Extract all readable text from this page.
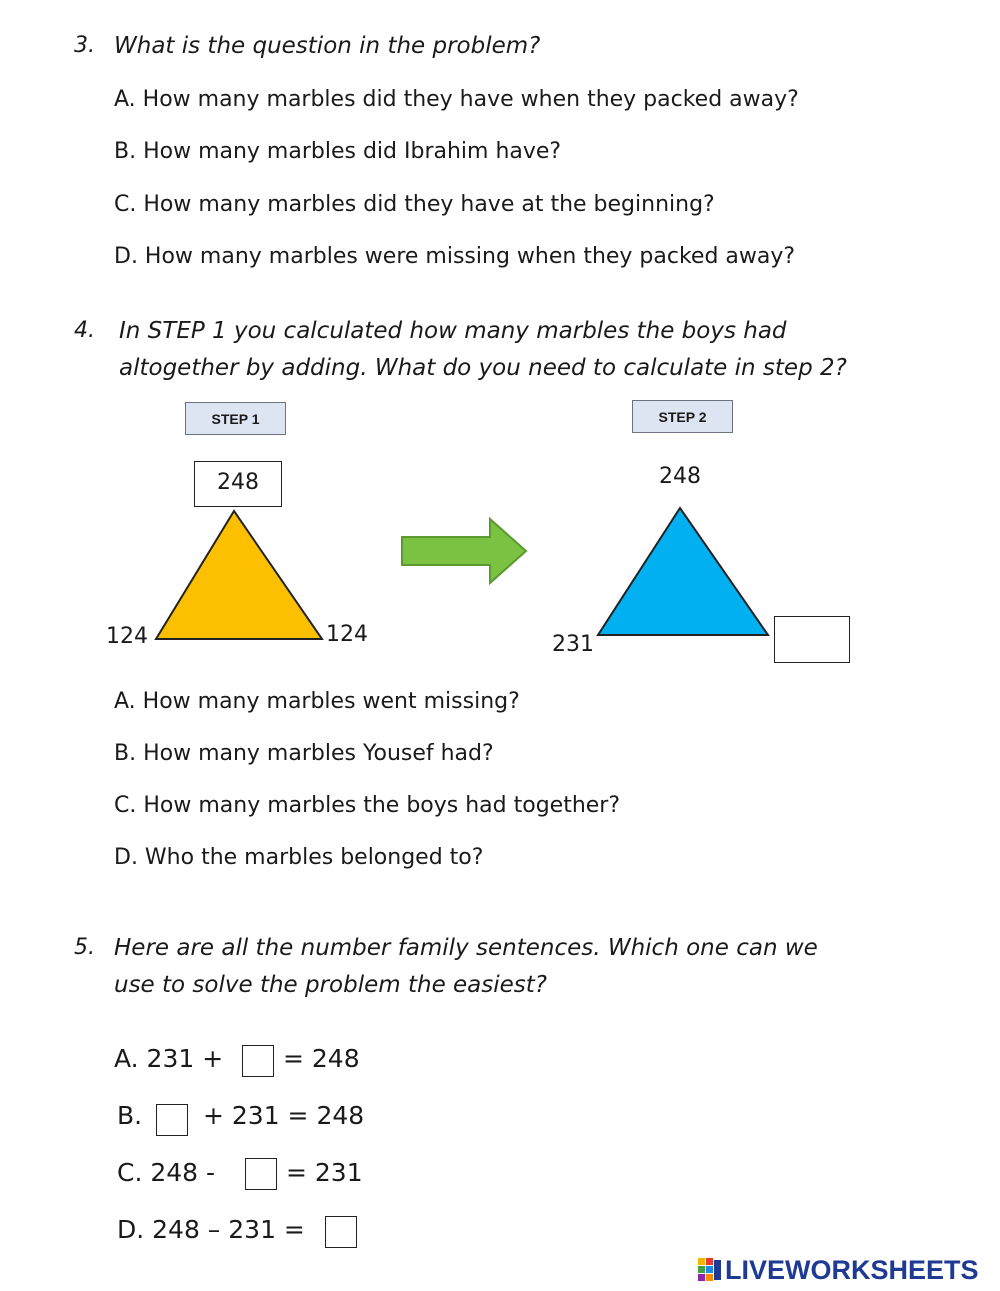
3. What is the question in the problem?
A. How many marbles did they have when they packed away?
B. How many marbles did Ibrahim have?
C. How many marbles did they have at the beginning?
D. How many marbles were missing when they packed away?
4. In STEP 1 you calculated how many marbles the boys had
altogether by adding. What do you need to calculate in step 2?
STEP 1	STEP 2
248
124	124
248
231
A. How many marbles went missing?
B. How many marbles Yousef had?
C. How many marbles the boys had together?
D. Who the marbles belonged to?
5. Here are all the number family sentences. Which one can we
use to solve the problem the easiest?
A. 231 + = 248
B. + 231 = 248
C. 248 -	= 231
D. 248 – 231 =
LIVEWORKSHEETS
